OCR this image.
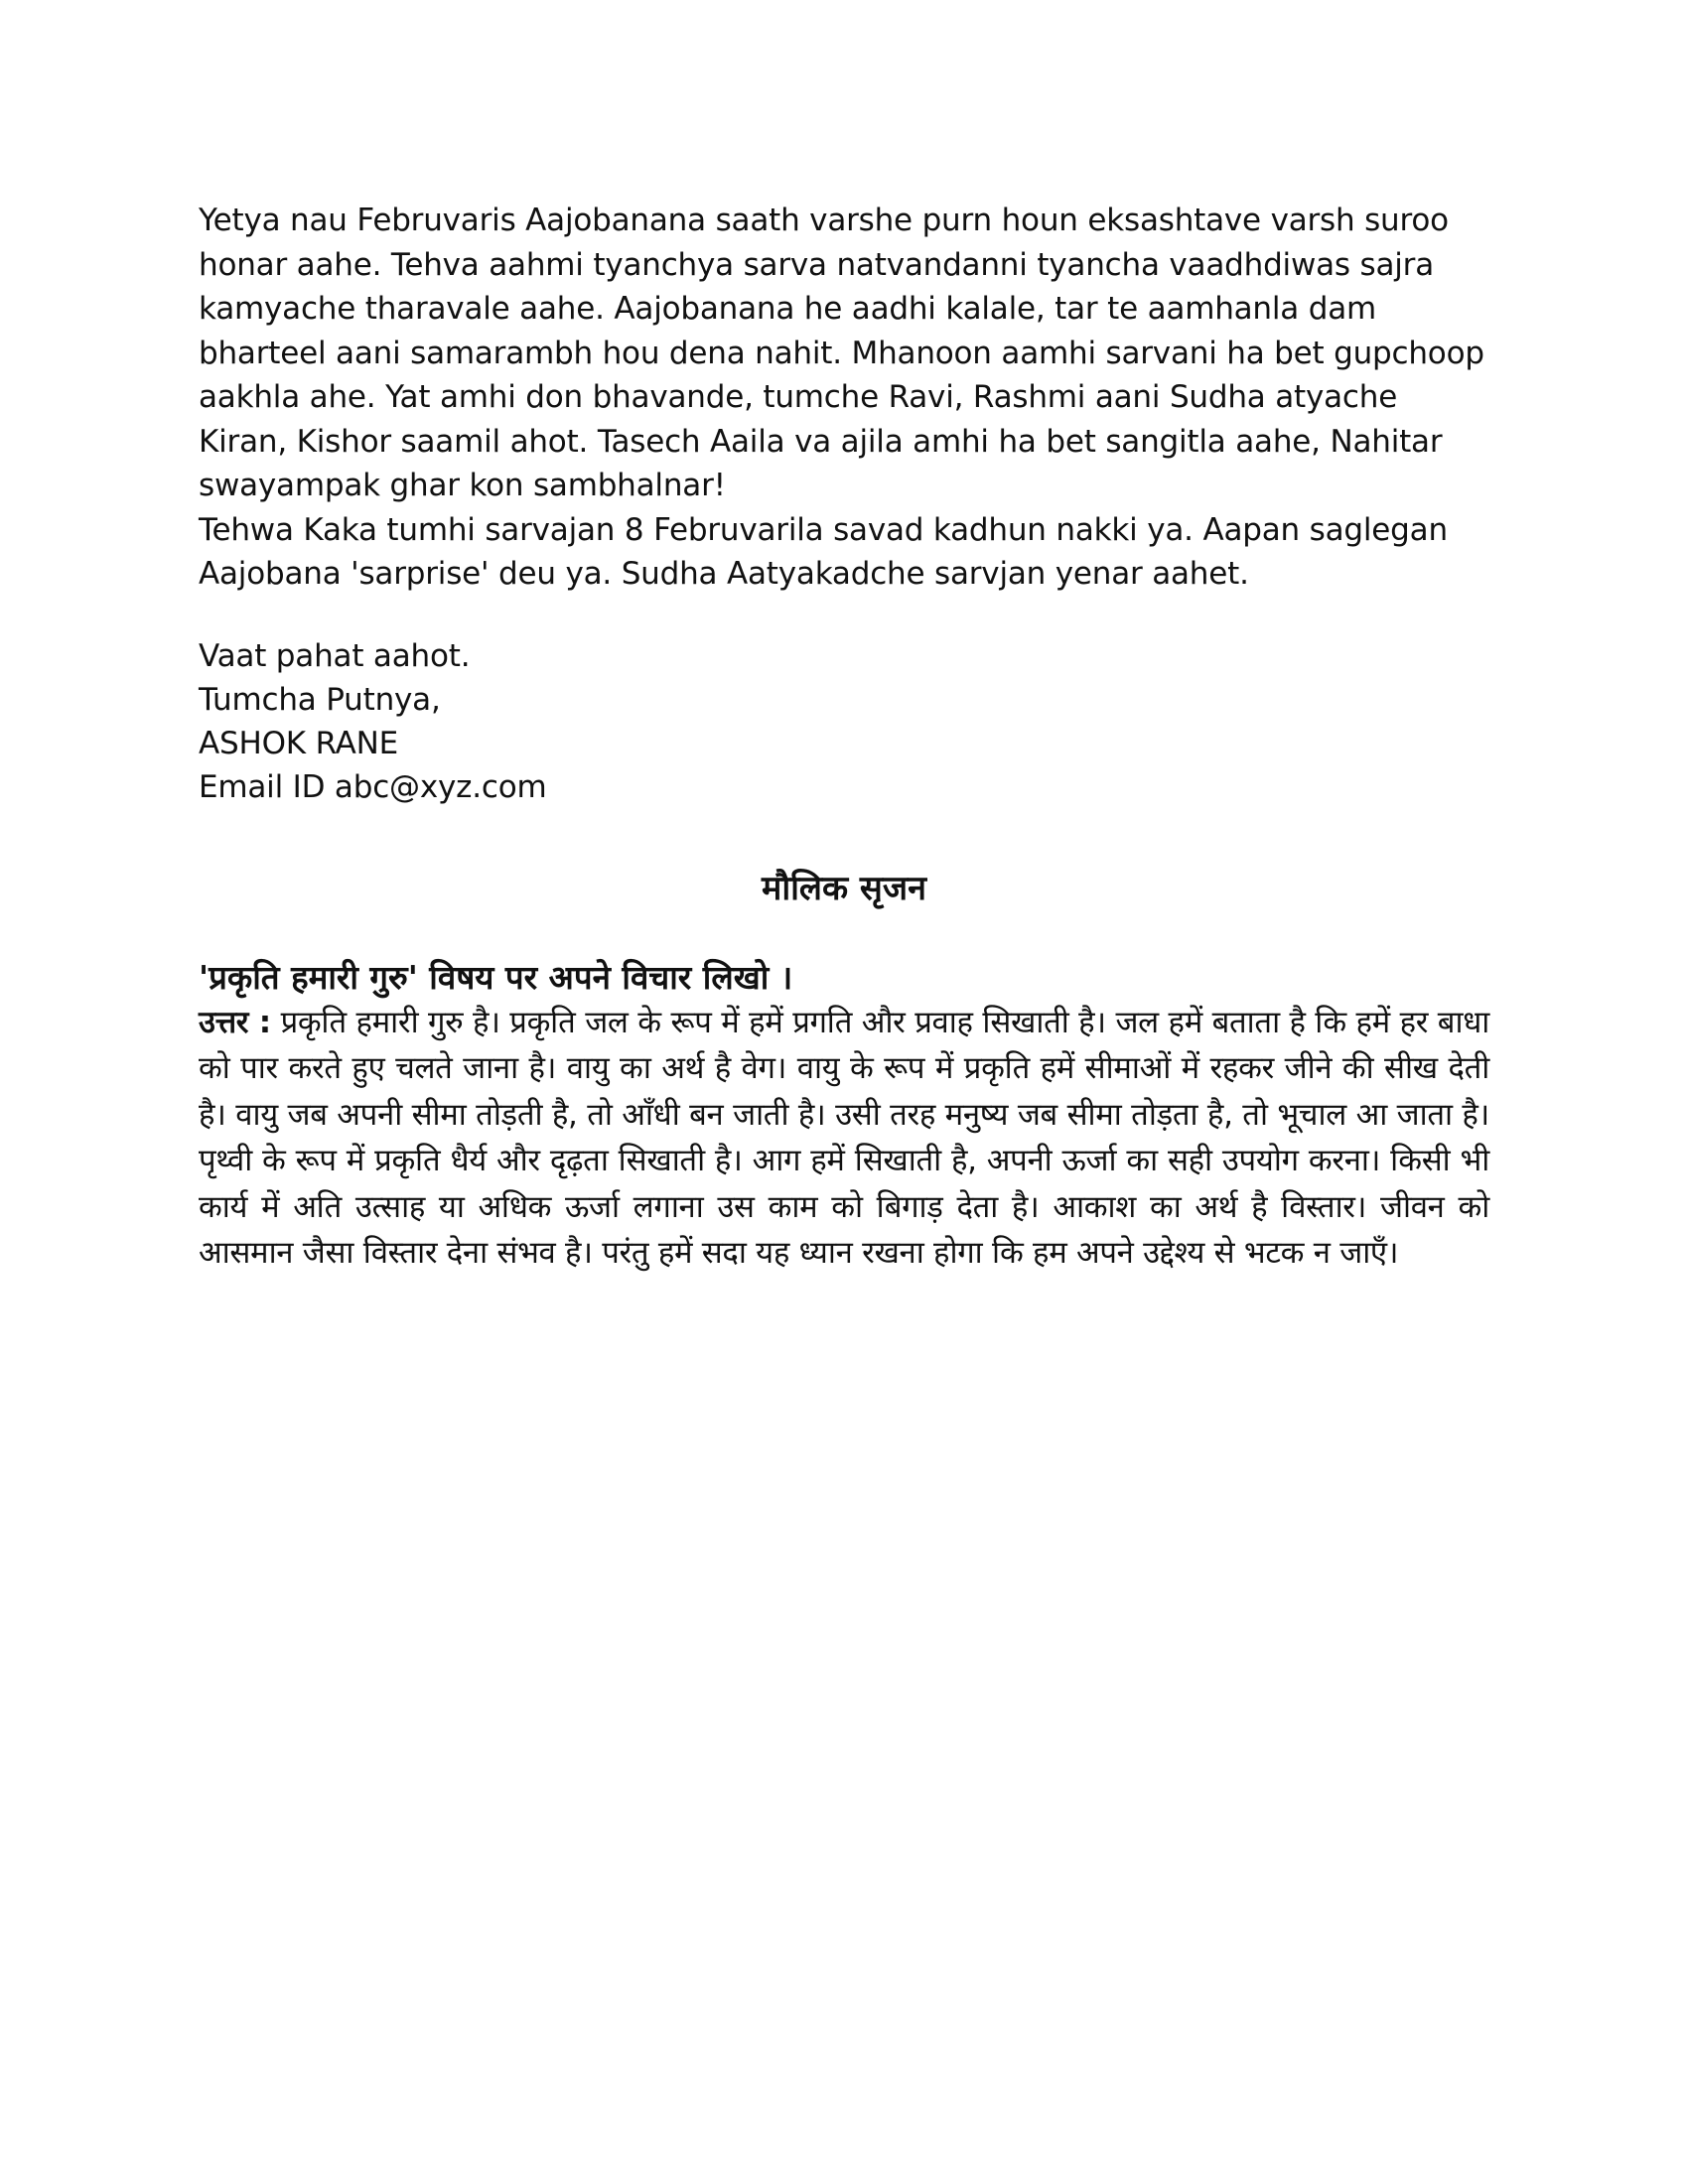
Yetya nau Februvaris Aajobanana saath varshe purn houn eksashtave varsh suroo honar aahe. Tehva aahmi tyanchya sarva natvandanni tyancha vaadhdiwas sajra kamyache tharavale aahe. Aajobanana he aadhi kalale, tar te aamhanla dam bharteel aani samarambh hou dena nahit. Mhanoon aamhi sarvani ha bet gupchoop aakhla ahe. Yat amhi don bhavande, tumche Ravi, Rashmi aani Sudha atyache Kiran, Kishor saamil ahot. Tasech Aaila va ajila amhi ha bet sangitla aahe, Nahitar swayampak ghar kon sambhalnar!

Tehwa Kaka tumhi sarvajan 8 Februvarila savad kadhun nakki ya. Aapan saglegan Aajobana 'sarprise' deu ya. Sudha Aatyakadche sarvjan yenar aahet.

Vaat pahat aahot.
Tumcha Putnya,
ASHOK RANE
Email ID abc@xyz.com
मौलिक सृजन
'प्रकृति हमारी गुरु' विषय पर अपने विचार लिखो ।

उत्तर : प्रकृति हमारी गुरु है। प्रकृति जल के रूप में हमें प्रगति और प्रवाह सिखाती है। जल हमें बताता है कि हमें हर बाधा को पार करते हुए चलते जाना है। वायु का अर्थ है वेग। वायु के रूप में प्रकृति हमें सीमाओं में रहकर जीने की सीख देती है। वायु जब अपनी सीमा तोड़ती है, तो आँधी बन जाती है। उसी तरह मनुष्य जब सीमा तोड़ता है, तो भूचाल आ जाता है। पृथ्वी के रूप में प्रकृति धैर्य और दृढ़ता सिखाती है। आग हमें सिखाती है, अपनी ऊर्जा का सही उपयोग करना। किसी भी कार्य में अति उत्साह या अधिक ऊर्जा लगाना उस काम को बिगाड़ देता है। आकाश का अर्थ है विस्तार। जीवन को आसमान जैसा विस्तार देना संभव है। परंतु हमें सदा यह ध्यान रखना होगा कि हम अपने उद्देश्य से भटक न जाएँ।
